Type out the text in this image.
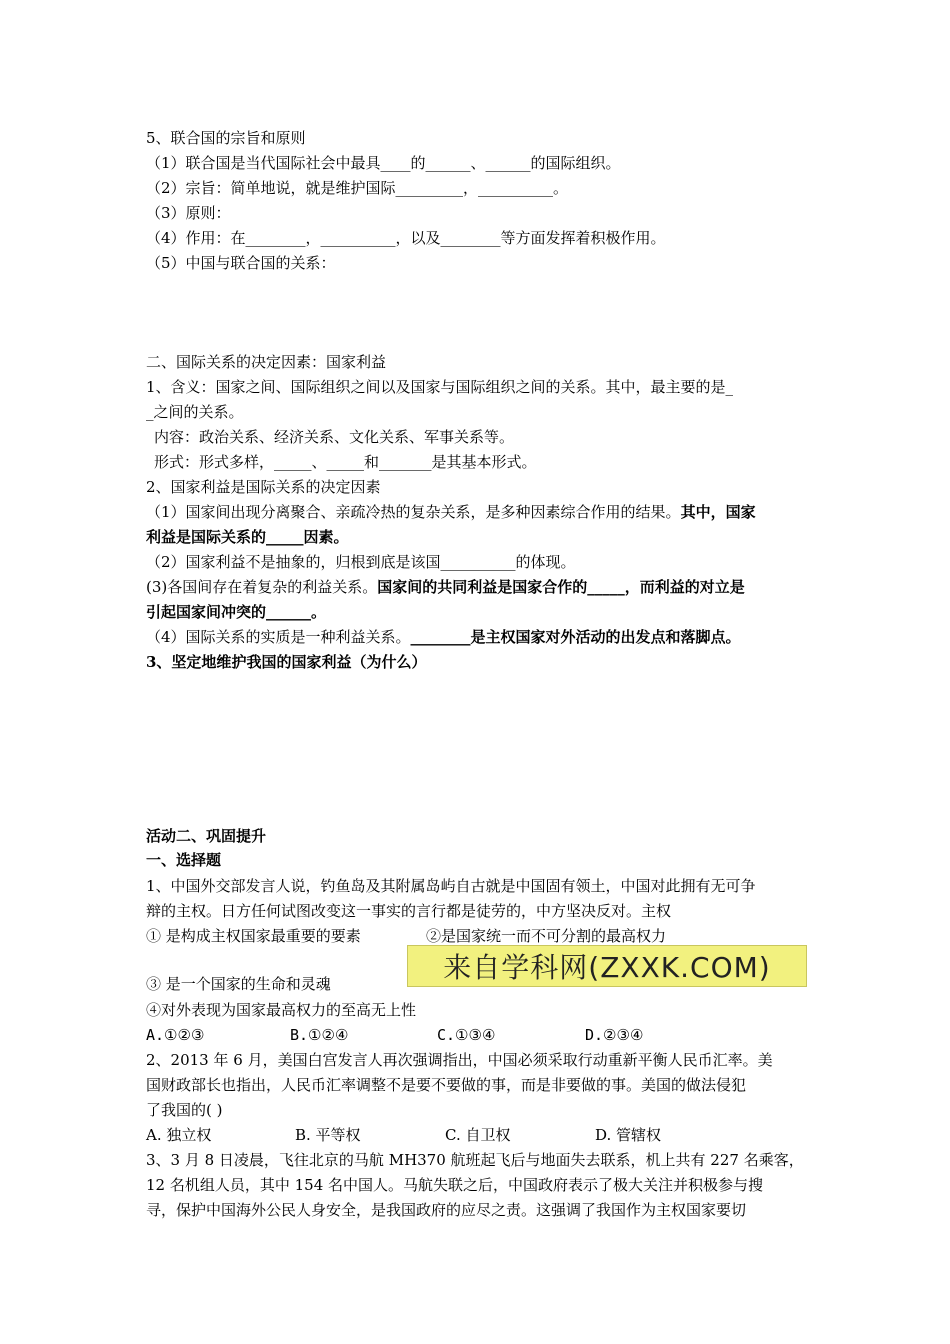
5、联合国的宗旨和原则
（1）联合国是当代国际社会中最具____的______、______的国际组织。
（2）宗旨：简单地说，就是维护国际_________，__________。
（3）原则：
（4）作用：在________，__________，以及________等方面发挥着积极作用。
（5）中国与联合国的关系：
二、国际关系的决定因素：国家利益
1、含义：国家之间、国际组织之间以及国家与国际组织之间的关系。其中，最主要的是_
_之间的关系。
内容：政治关系、经济关系、文化关系、军事关系等。
形式：形式多样，_____、_____和_______是其基本形式。
2、国家利益是国际关系的决定因素
（1）国家间出现分离聚合、亲疏冷热的复杂关系，是多种因素综合作用的结果。其中，国家
利益是国际关系的_____因素。
（2）国家利益不是抽象的，归根到底是该国__________的体现。
(3)各国间存在着复杂的利益关系。国家间的共同利益是国家合作的_____，而利益的对立是
引起国家间冲突的______。
（4）国际关系的实质是一种利益关系。________是主权国家对外活动的出发点和落脚点。
3、坚定地维护我国的国家利益（为什么）
活动二、巩固提升
一、选择题
1、中国外交部发言人说，钓鱼岛及其附属岛屿自古就是中国固有领土，中国对此拥有无可争
辩的主权。日方任何试图改变这一事实的言行都是徒劳的，中方坚决反对。主权
① 是构成主权国家最重要的要素	②是国家统一而不可分割的最高权力
③ 是一个国家的生命和灵魂
④对外表现为国家最高权力的至高无上性
A.①②③	B.①②④	C.①③④	D.②③④
2、2013 年 6 月，美国白宫发言人再次强调指出，中国必须采取行动重新平衡人民币汇率。美
国财政部长也指出，人民币汇率调整不是要不要做的事，而是非要做的事。美国的做法侵犯
了我国的( )
A. 独立权	B. 平等权	C. 自卫权	D. 管辖权
3、3 月 8 日凌晨，飞往北京的马航 MH370 航班起飞后与地面失去联系，机上共有 227 名乘客，
12 名机组人员，其中 154 名中国人。马航失联之后，中国政府表示了极大关注并积极参与搜
寻，保护中国海外公民人身安全，是我国政府的应尽之责。这强调了我国作为主权国家要切
来自学科网(ZXXK.COM)
